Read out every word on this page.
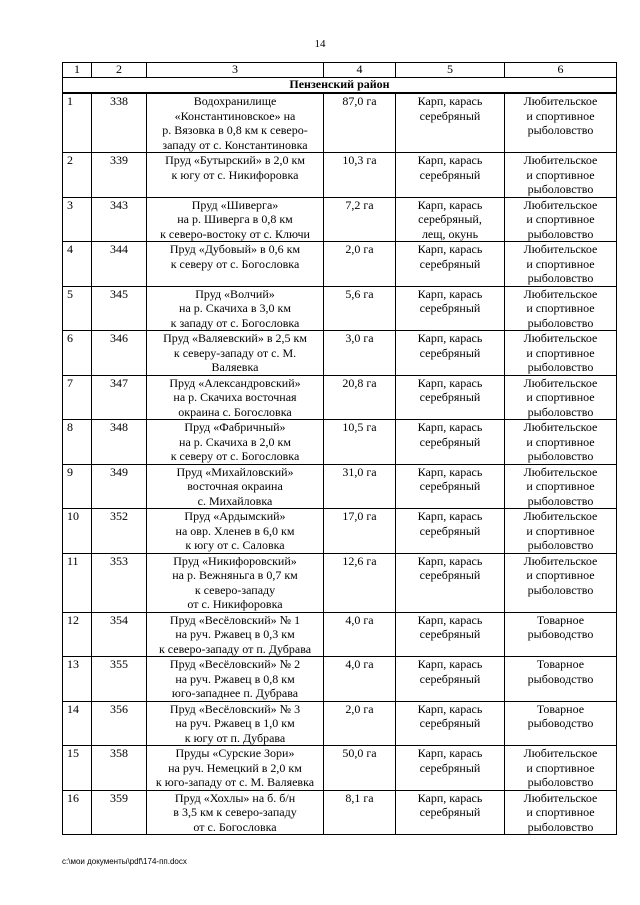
14
1	2	3	4	5	6
Пензенский район					
1	338	Водохранилище
«Константиновское» на
р. Вязовка в 0,8 км к северо-
западу от с. Константиновка	87,0 га	Карп, карась
серебряный	Любительское
и спортивное
рыболовство
2	339	Пруд «Бутырский» в 2,0 км
к югу от с. Никифоровка	10,3 га	Карп, карась
серебряный	Любительское
и спортивное
рыболовство
3	343	Пруд «Шиверга»
на р. Шиверга в 0,8 км
к северо-востоку от с. Ключи	7,2 га	Карп, карась
серебряный,
лещ, окунь	Любительское
и спортивное
рыболовство
4	344	Пруд «Дубовый» в 0,6 км
к северу от с. Богословка	2,0 га	Карп, карась
серебряный	Любительское
и спортивное
рыболовство
5	345	Пруд «Волчий»
на р. Скачиха в 3,0 км
к западу от с. Богословка	5,6 га	Карп, карась
серебряный	Любительское
и спортивное
рыболовство
6	346	Пруд «Валяевский» в 2,5 км
к северу-западу от с. М. Валяевка	3,0 га	Карп, карась
серебряный	Любительское
и спортивное
рыболовство
7	347	Пруд «Александровский»
на р. Скачиха восточная
окраина с. Богословка	20,8 га	Карп, карась
серебряный	Любительское
и спортивное
рыболовство
8	348	Пруд «Фабричный»
на р. Скачиха в 2,0 км
к северу от с. Богословка	10,5 га	Карп, карась
серебряный	Любительское
и спортивное
рыболовство
9	349	Пруд «Михайловский»
восточная окраина
с. Михайловка	31,0 га	Карп, карась
серебряный	Любительское
и спортивное
рыболовство
10	352	Пруд «Ардымский»
на овр. Хленев в 6,0 км
к югу от с. Саловка	17,0 га	Карп, карась
серебряный	Любительское
и спортивное
рыболовство
11	353	Пруд «Никифоровский»
на р. Вежняньга в 0,7 км
к северо-западу
от с. Никифоровка	12,6 га	Карп, карась
серебряный	Любительское
и спортивное
рыболовство
12	354	Пруд «Весёловский» № 1
на руч. Ржавец в 0,3 км
к северо-западу от п. Дубрава	4,0 га	Карп, карась
серебряный	Товарное
рыбоводство
13	355	Пруд «Весёловский» № 2
на руч. Ржавец в 0,8 км
юго-западнее п. Дубрава	4,0 га	Карп, карась
серебряный	Товарное
рыбоводство
14	356	Пруд «Весёловский» № 3
на руч. Ржавец в 1,0 км
к югу от п. Дубрава	2,0 га	Карп, карась
серебряный	Товарное
рыбоводство
15	358	Пруды «Сурские Зори»
на руч. Немецкий в 2,0 км
к юго-западу от с. М. Валяевка	50,0 га	Карп, карась
серебряный	Любительское
и спортивное
рыболовство
16	359	Пруд «Хохлы» на б. б/н
в 3,5 км к северо-западу
от с. Богословка	8,1 га	Карп, карась
серебряный	Любительское
и спортивное
рыболовство
c:\мои документы\pdf\174-пп.docx
